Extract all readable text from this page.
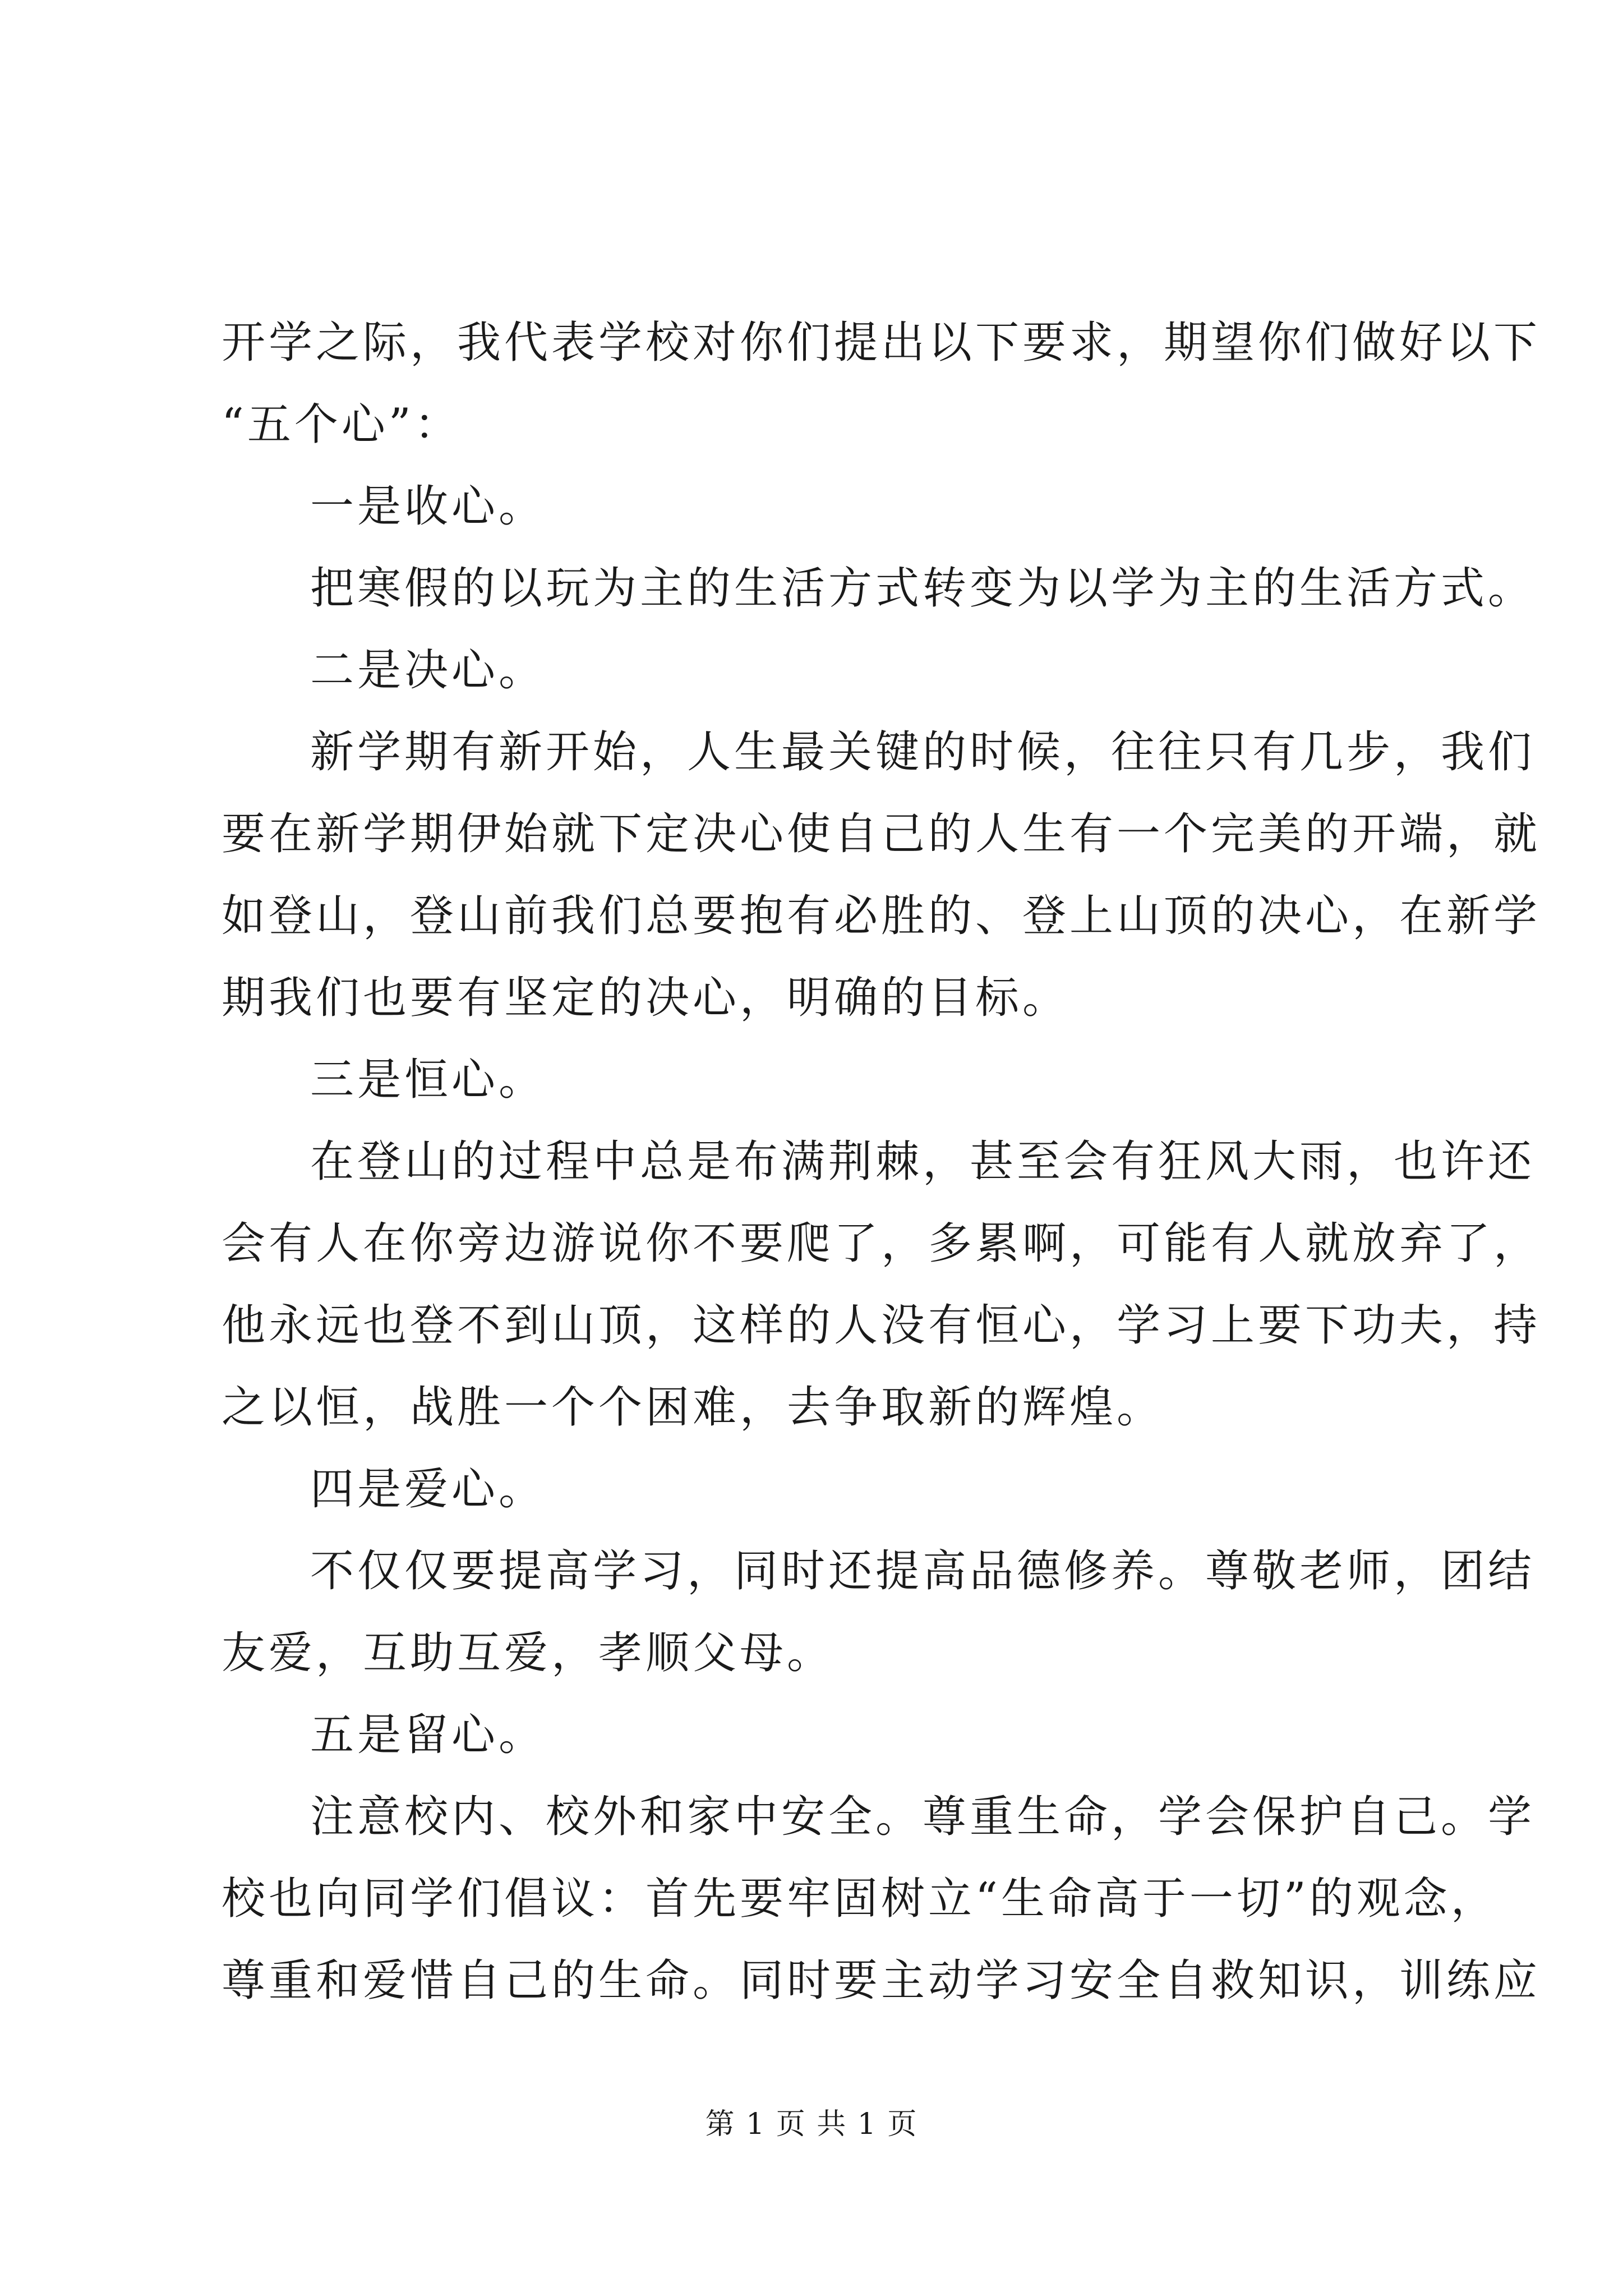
开学之际，我代表学校对你们提出以下要求，期望你们做好以下
“五个心”：
一是收心。
把寒假的以玩为主的生活方式转变为以学为主的生活方式。
二是决心。
新学期有新开始，人生最关键的时候，往往只有几步，我们
要在新学期伊始就下定决心使自己的人生有一个完美的开端，就
如登山，登山前我们总要抱有必胜的、登上山顶的决心，在新学
期我们也要有坚定的决心，明确的目标。
三是恒心。
在登山的过程中总是布满荆棘，甚至会有狂风大雨，也许还
会有人在你旁边游说你不要爬了，多累啊，可能有人就放弃了，
他永远也登不到山顶，这样的人没有恒心，学习上要下功夫，持
之以恒，战胜一个个困难，去争取新的辉煌。
四是爱心。
不仅仅要提高学习，同时还提高品德修养。尊敬老师，团结
友爱，互助互爱，孝顺父母。
五是留心。
注意校内、校外和家中安全。尊重生命，学会保护自己。学
校也向同学们倡议：首先要牢固树立“生命高于一切”的观念，
尊重和爱惜自己的生命。同时要主动学习安全自救知识，训练应
第 1 页 共 1 页
